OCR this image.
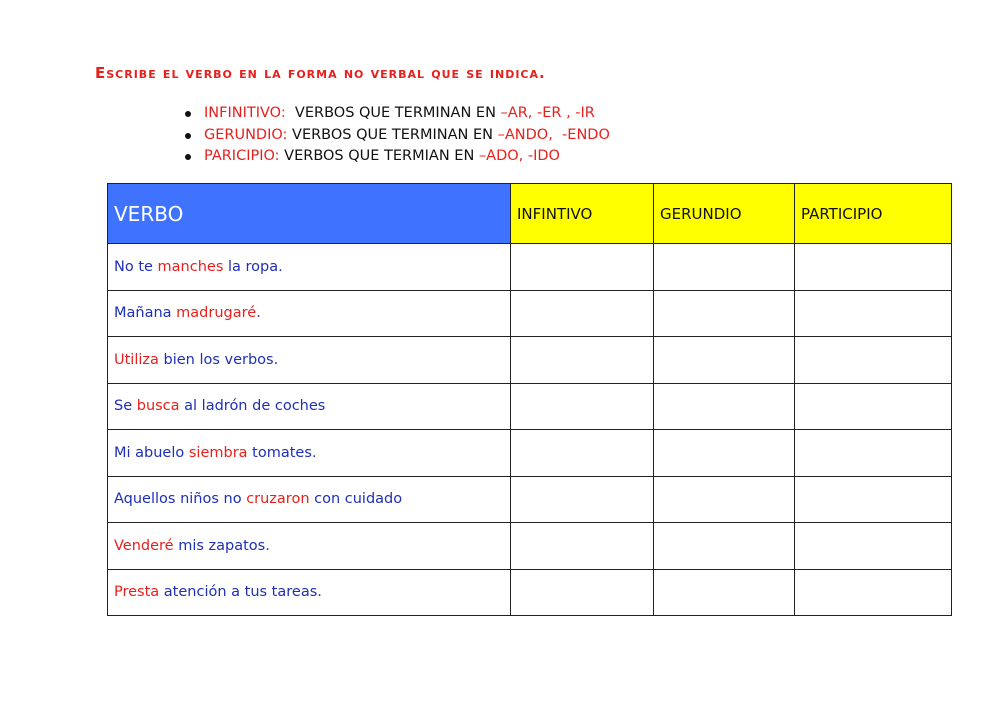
Escribe el verbo en la forma no verbal que se indica.
INFINITIVO:  VERBOS QUE TERMINAN EN –AR, -ER , -IR
GERUNDIO: VERBOS QUE TERMINAN EN –ANDO,  -ENDO
PARICIPIO: VERBOS QUE TERMIAN EN –ADO, -IDO
VERBO	INFINTIVO	GERUNDIO	PARTICIPIO
No te manches la ropa.			
Mañana madrugaré.			
Utiliza bien los verbos.			
Se busca al ladrón de coches			
Mi abuelo siembra tomates.			
Aquellos niños no cruzaron con cuidado			
Venderé mis zapatos.			
Presta atención a tus tareas.			
